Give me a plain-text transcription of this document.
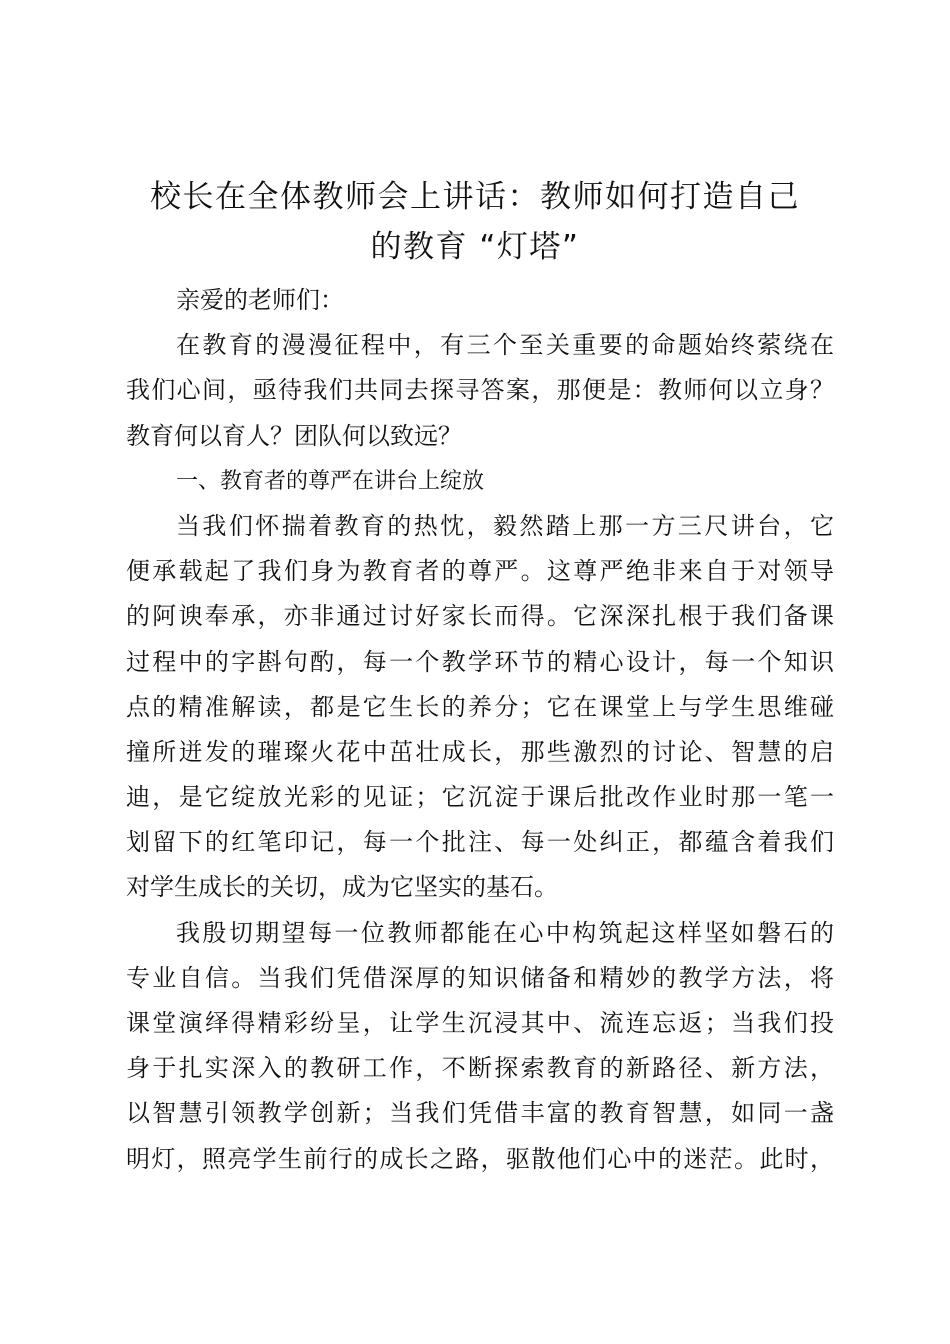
校长在全体教师会上讲话：教师如何打造自己
的教育 “灯塔”

亲爱的老师们：

在教育的漫漫征程中，有三个至关重要的命题始终萦绕在
我们心间，亟待我们共同去探寻答案，那便是：教师何以立身？
教育何以育人？团队何以致远？

一、教育者的尊严在讲台上绽放

当我们怀揣着教育的热忱，毅然踏上那一方三尺讲台，它
便承载起了我们身为教育者的尊严。这尊严绝非来自于对领导
的阿谀奉承，亦非通过讨好家长而得。它深深扎根于我们备课
过程中的字斟句酌，每一个教学环节的精心设计，每一个知识
点的精准解读，都是它生长的养分；它在课堂上与学生思维碰
撞所迸发的璀璨火花中茁壮成长，那些激烈的讨论、智慧的启
迪，是它绽放光彩的见证；它沉淀于课后批改作业时那一笔一
划留下的红笔印记，每一个批注、每一处纠正，都蕴含着我们
对学生成长的关切，成为它坚实的基石。

我殷切期望每一位教师都能在心中构筑起这样坚如磐石的
专业自信。当我们凭借深厚的知识储备和精妙的教学方法，将
课堂演绎得精彩纷呈，让学生沉浸其中、流连忘返；当我们投
身于扎实深入的教研工作，不断探索教育的新路径、新方法，
以智慧引领教学创新；当我们凭借丰富的教育智慧，如同一盏
明灯，照亮学生前行的成长之路，驱散他们心中的迷茫。此时，
